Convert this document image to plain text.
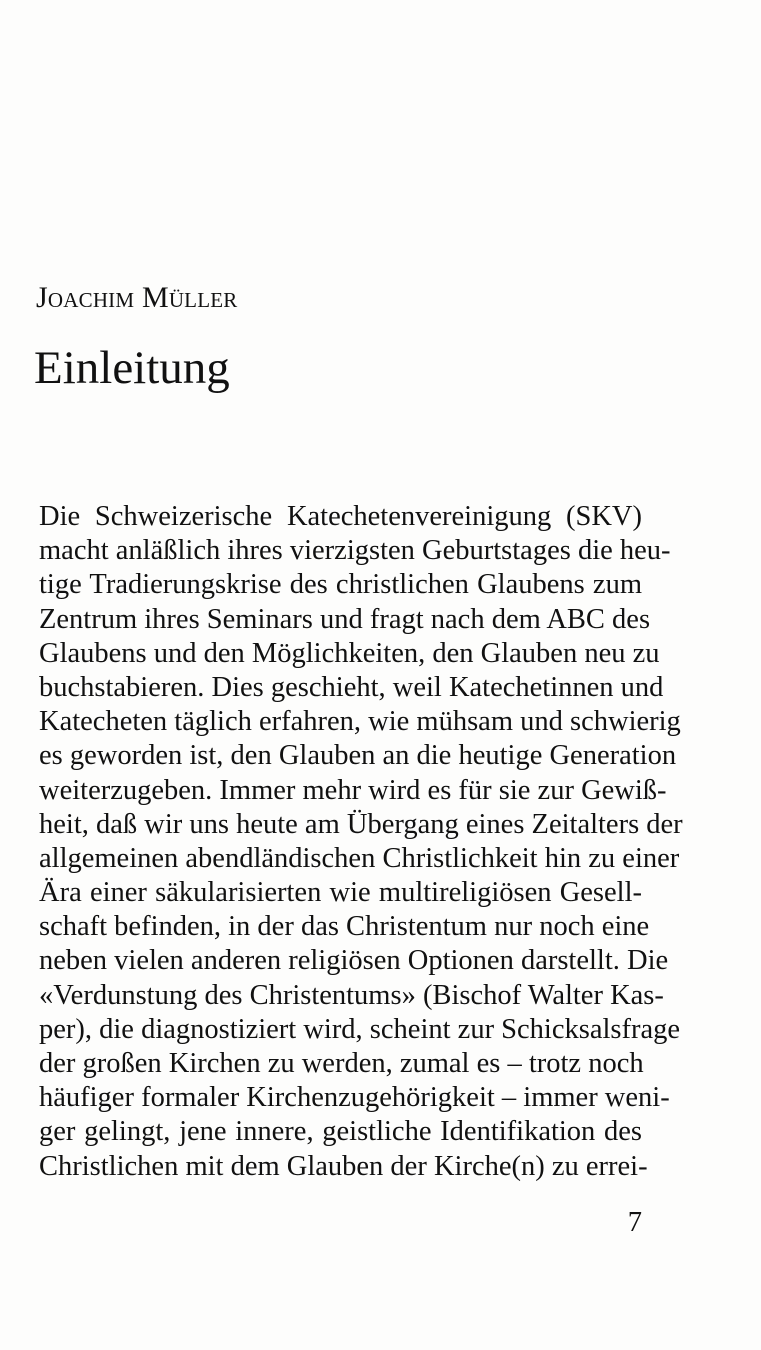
Joachim Müller
Einleitung
Die Schweizerische Katechetenvereinigung (SKV)
macht anläßlich ihres vierzigsten Geburtstages die heu-
tige Tradierungskrise des christlichen Glaubens zum
Zentrum ihres Seminars und fragt nach dem ABC des
Glaubens und den Möglichkeiten, den Glauben neu zu
buchstabieren. Dies geschieht, weil Katechetinnen und
Katecheten täglich erfahren, wie mühsam und schwierig
es geworden ist, den Glauben an die heutige Generation
weiterzugeben. Immer mehr wird es für sie zur Gewiß-
heit, daß wir uns heute am Übergang eines Zeitalters der
allgemeinen abendländischen Christlichkeit hin zu einer
Ära einer säkularisierten wie multireligiösen Gesell-
schaft befinden, in der das Christentum nur noch eine
neben vielen anderen religiösen Optionen darstellt. Die
«Verdunstung des Christentums» (Bischof Walter Kas-
per), die diagnostiziert wird, scheint zur Schicksalsfrage
der großen Kirchen zu werden, zumal es – trotz noch
häufiger formaler Kirchenzugehörigkeit – immer weni-
ger gelingt, jene innere, geistliche Identifikation des
Christlichen mit dem Glauben der Kirche(n) zu errei-
7
